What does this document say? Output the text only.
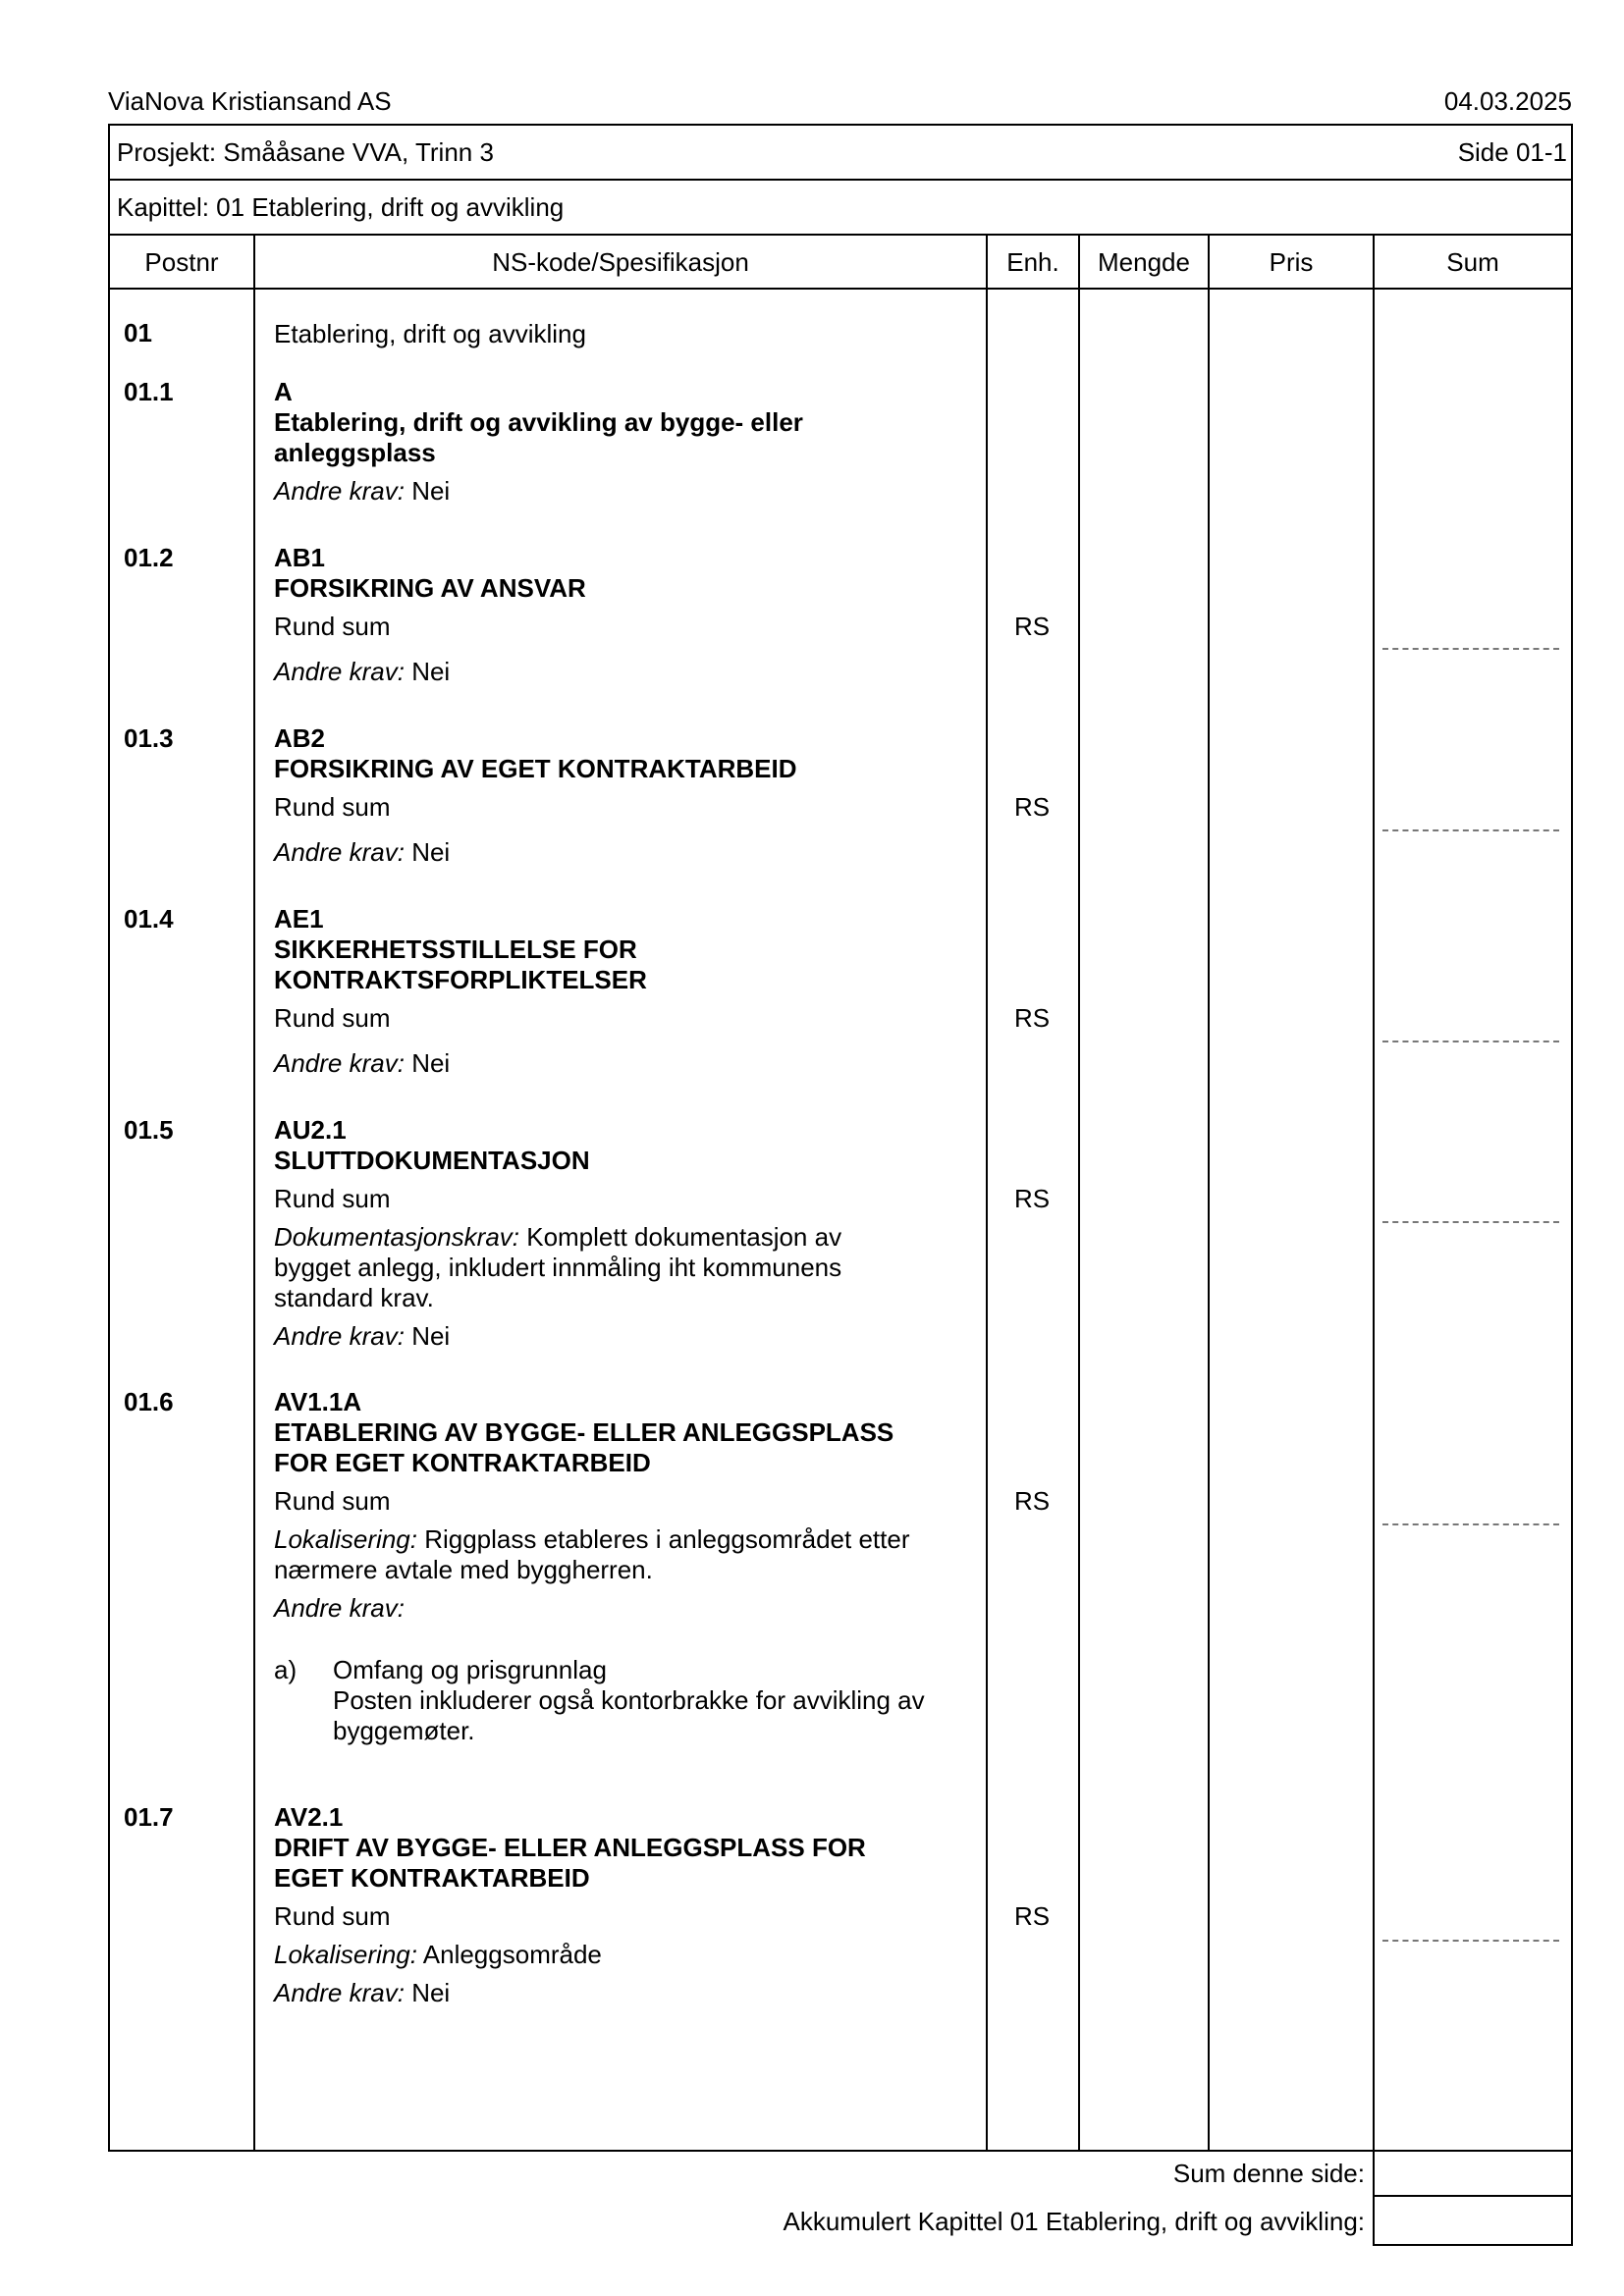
ViaNova Kristiansand AS	04.03.2025
Prosjekt: Smååsane VVA, Trinn 3	Side 01-1
Kapittel: 01 Etablering, drift og avvikling
Postnr	NS-kode/Spesifikasjon	Enh.	Mengde	Pris	Sum
01	Etablering, drift og avvikling
01.1	A
Etablering, drift og avvikling av bygge- eller
anleggsplass
Andre krav: Nei
01.2	AB1
FORSIKRING AV ANSVAR
Rund sum	RS
Andre krav: Nei
01.3	AB2
FORSIKRING AV EGET KONTRAKTARBEID
Rund sum	RS
Andre krav: Nei
01.4	AE1
SIKKERHETSSTILLELSE FOR
KONTRAKTSFORPLIKTELSER
Rund sum	RS
Andre krav: Nei
01.5	AU2.1
SLUTTDOKUMENTASJON
Rund sum	RS
Dokumentasjonskrav: Komplett dokumentasjon av
bygget anlegg, inkludert innmåling iht kommunens
standard krav.
Andre krav: Nei
01.6	AV1.1A
ETABLERING AV BYGGE- ELLER ANLEGGSPLASS
FOR EGET KONTRAKTARBEID
Rund sum	RS
Lokalisering: Riggplass etableres i anleggsområdet etter
nærmere avtale med byggherren.
Andre krav:
a) Omfang og prisgrunnlag
Posten inkluderer også kontorbrakke for avvikling av
byggemøter.
01.7	AV2.1
DRIFT AV BYGGE- ELLER ANLEGGSPLASS FOR
EGET KONTRAKTARBEID
Rund sum	RS
Lokalisering: Anleggsområde
Andre krav: Nei
Sum denne side:
Akkumulert Kapittel 01 Etablering, drift og avvikling:
